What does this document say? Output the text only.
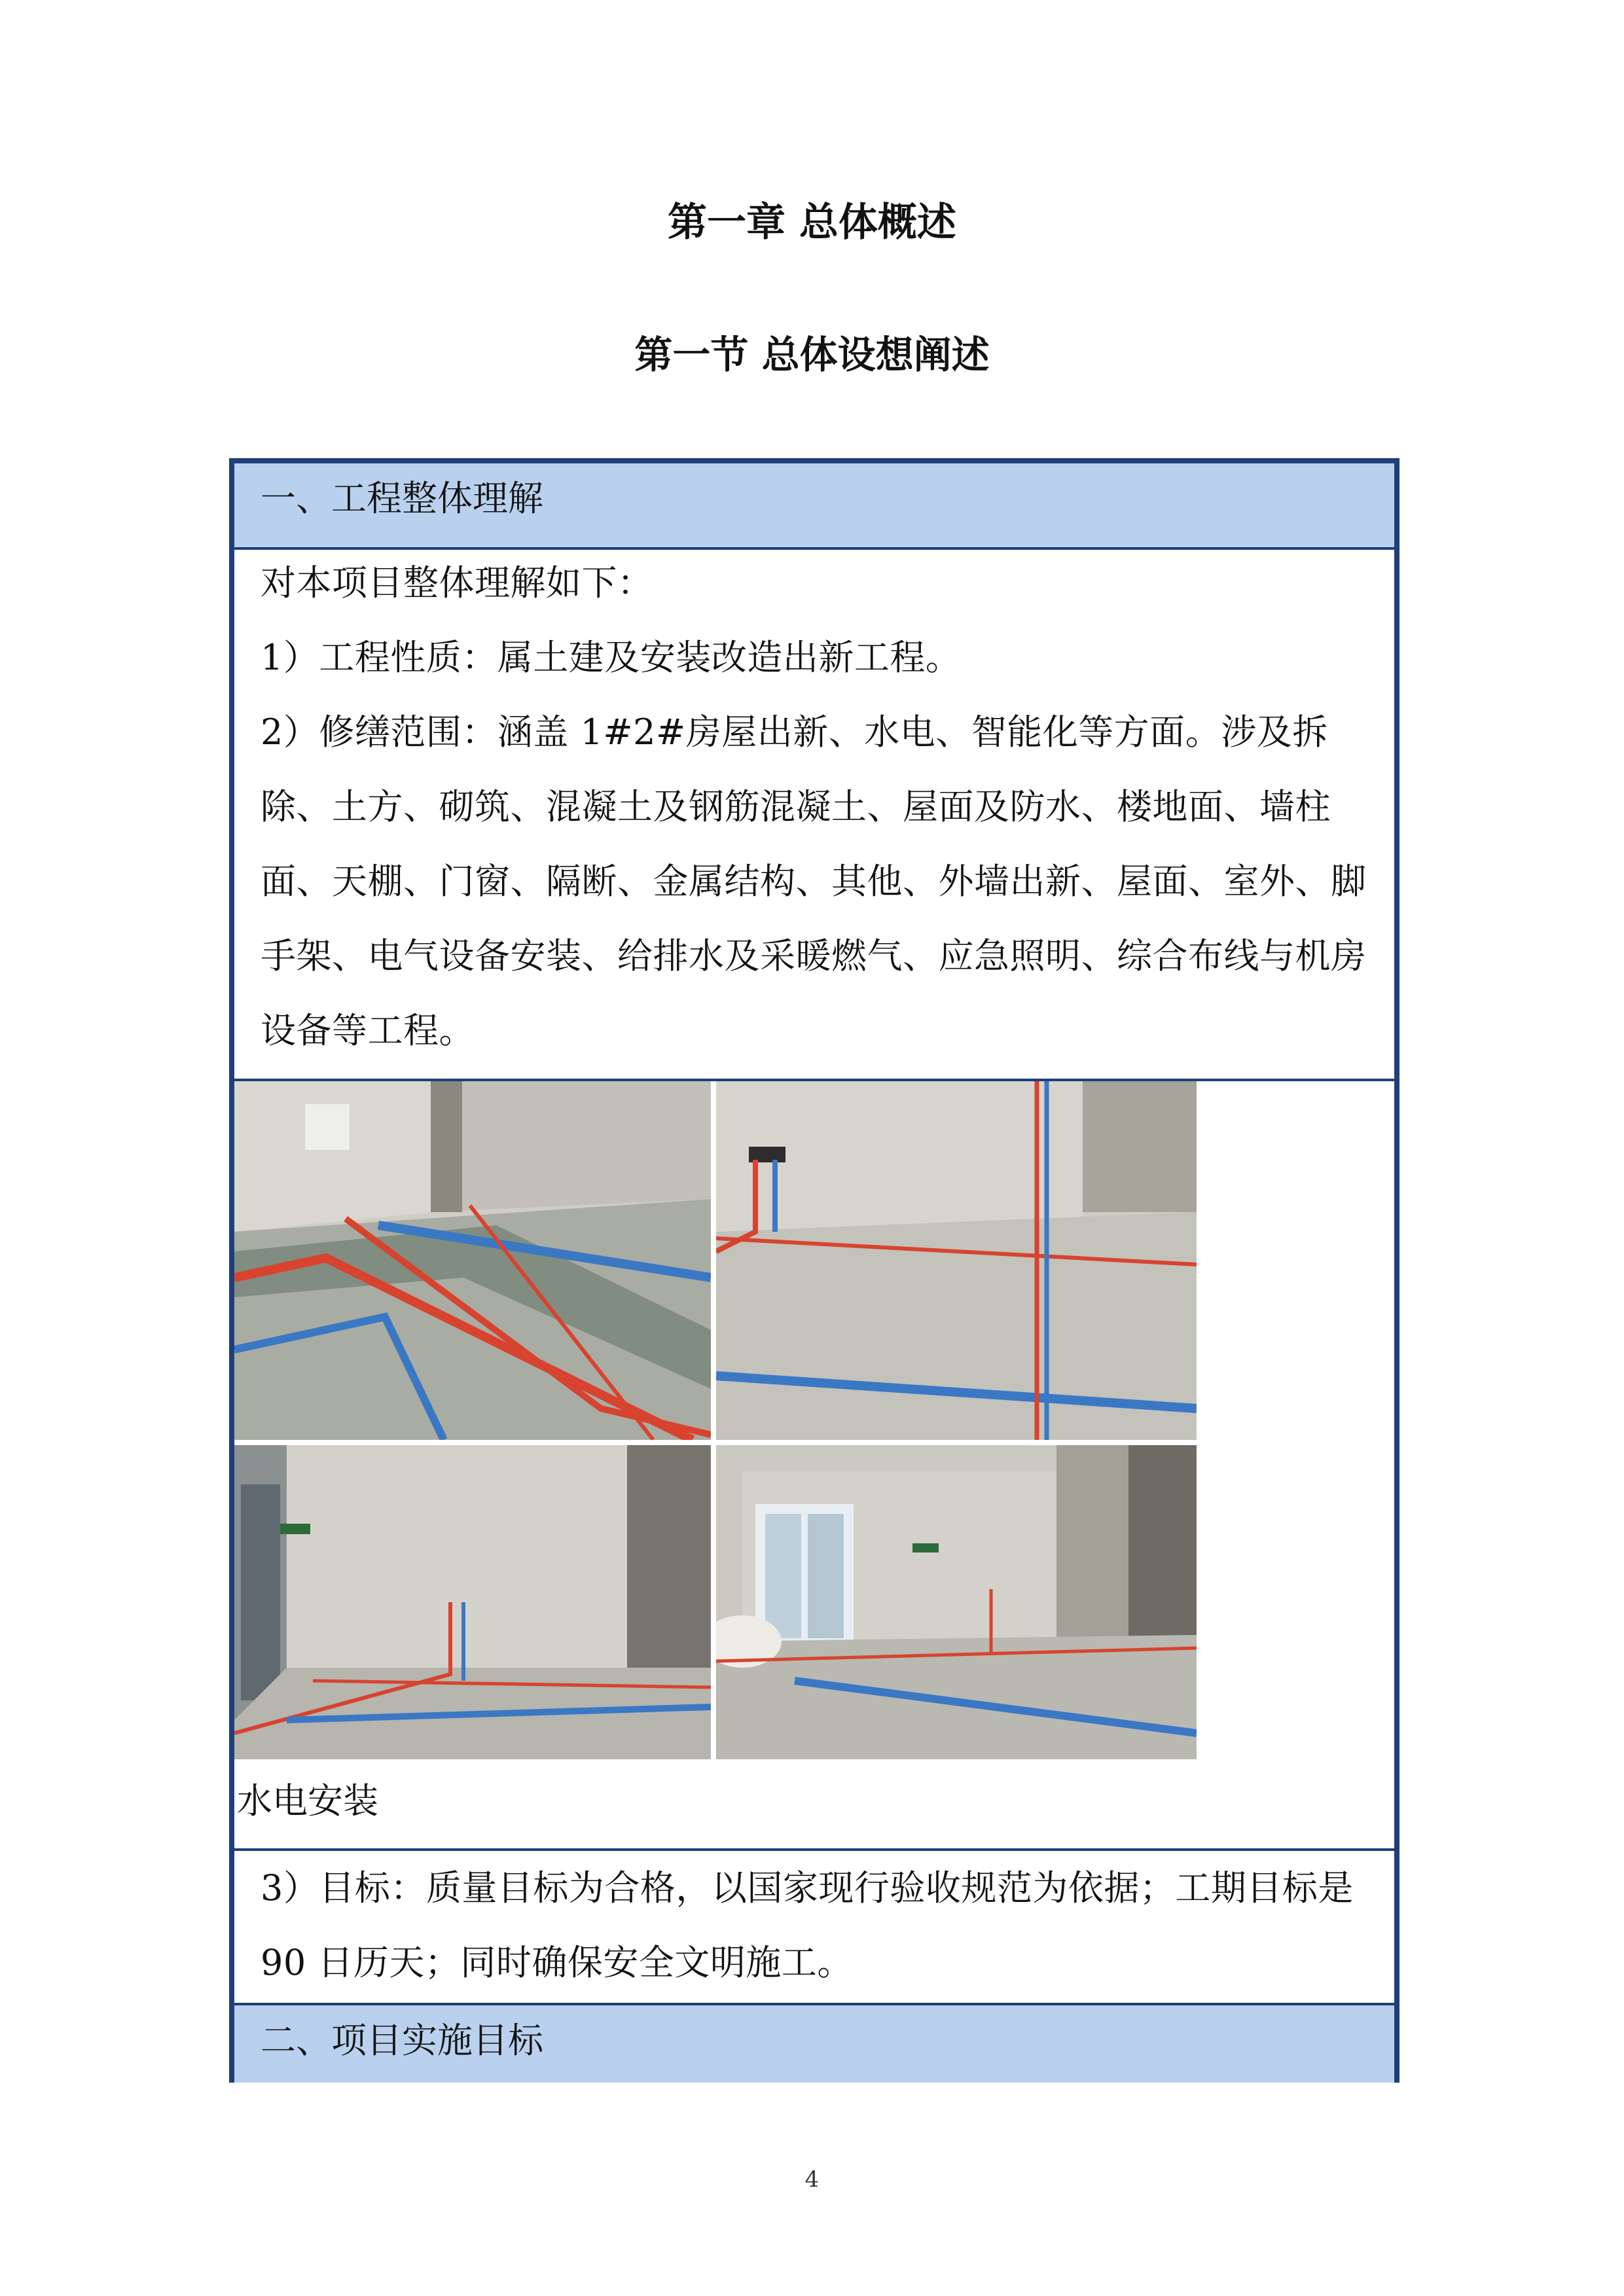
第一章 总体概述
第一节 总体设想阐述
一、工程整体理解
对本项目整体理解如下：
1）工程性质：属土建及安装改造出新工程。
2）修缮范围：涵盖 1#2#房屋出新、水电、智能化等方面。涉及拆除、土方、砌筑、混凝土及钢筋混凝土、屋面及防水、楼地面、墙柱面、天棚、门窗、隔断、金属结构、其他、外墙出新、屋面、室外、脚手架、电气设备安装、给排水及采暖燃气、应急照明、综合布线与机房设备等工程。
水电安装
3）目标：质量目标为合格，以国家现行验收规范为依据；工期目标是 90 日历天；同时确保安全文明施工。
二、项目实施目标
4
